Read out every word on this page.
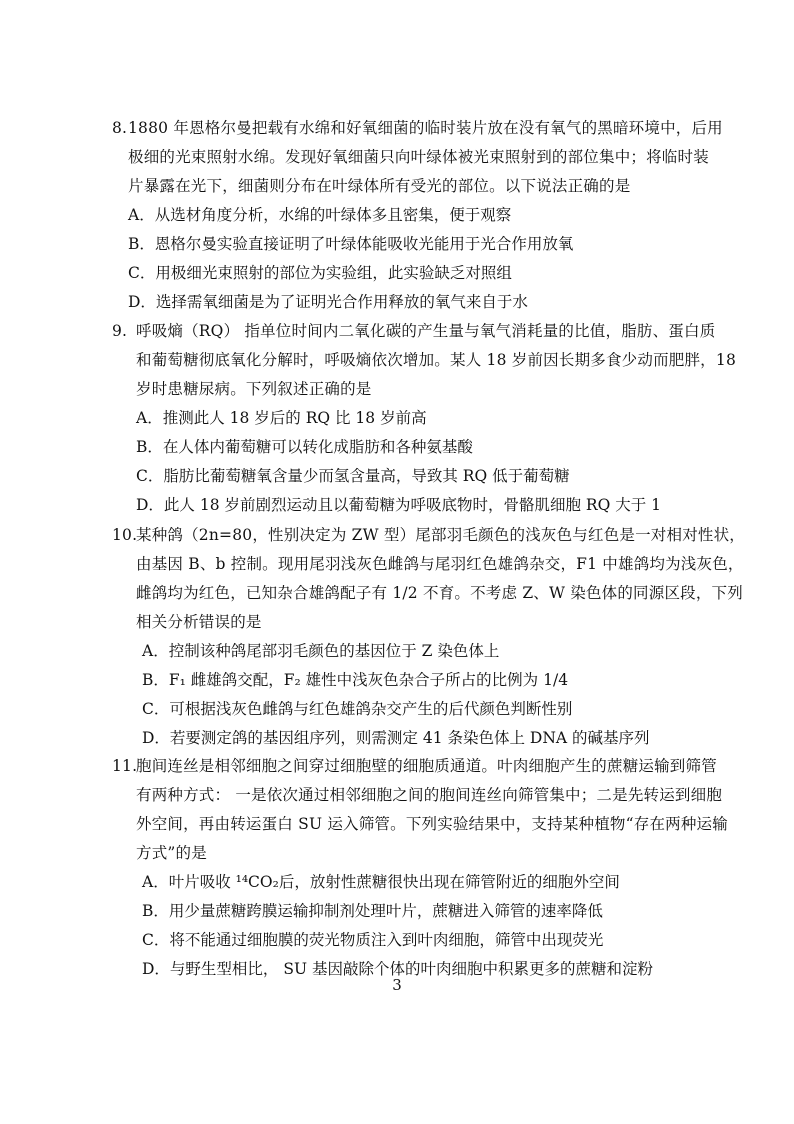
8. 1880 年恩格尔曼把载有水绵和好氧细菌的临时装片放在没有氧气的黑暗环境中，后用
极细的光束照射水绵。发现好氧细菌只向叶绿体被光束照射到的部位集中；将临时装
片暴露在光下，细菌则分布在叶绿体所有受光的部位。以下说法正确的是
A．从选材角度分析，水绵的叶绿体多且密集，便于观察
B．恩格尔曼实验直接证明了叶绿体能吸收光能用于光合作用放氧
C．用极细光束照射的部位为实验组，此实验缺乏对照组
D．选择需氧细菌是为了证明光合作用释放的氧气来自于水
9. 呼吸熵（RQ） 指单位时间内二氧化碳的产生量与氧气消耗量的比值，脂肪、蛋白质
和葡萄糖彻底氧化分解时，呼吸熵依次增加。某人 18 岁前因长期多食少动而肥胖，18
岁时患糖尿病。下列叙述正确的是
A．推测此人 18 岁后的 RQ 比 18 岁前高
B．在人体内葡萄糖可以转化成脂肪和各种氨基酸
C．脂肪比葡萄糖氧含量少而氢含量高，导致其 RQ 低于葡萄糖
D．此人 18 岁前剧烈运动且以葡萄糖为呼吸底物时，骨骼肌细胞 RQ 大于 1
10.
某种鸽（2n=80，性别决定为 ZW 型）尾部羽毛颜色的浅灰色与红色是一对相对性状，
由基因 B、b 控制。现用尾羽浅灰色雌鸽与尾羽红色雄鸽杂交，F1 中雄鸽均为浅灰色，
雌鸽均为红色，已知杂合雄鸽配子有 1/2 不育。不考虑 Z、W 染色体的同源区段，下列
相关分析错误的是
A．控制该种鸽尾部羽毛颜色的基因位于 Z 染色体上
B．F₁ 雌雄鸽交配，F₂ 雄性中浅灰色杂合子所占的比例为 1/4
C．可根据浅灰色雌鸽与红色雄鸽杂交产生的后代颜色判断性别
D．若要测定鸽的基因组序列，则需测定 41 条染色体上 DNA 的碱基序列
11.
胞间连丝是相邻细胞之间穿过细胞壁的细胞质通道。叶肉细胞产生的蔗糖运输到筛管
有两种方式： 一是依次通过相邻细胞之间的胞间连丝向筛管集中；二是先转运到细胞
外空间，再由转运蛋白 SU 运入筛管。下列实验结果中，支持某种植物“存在两种运输
方式”的是
A．叶片吸收 ¹⁴CO₂后，放射性蔗糖很快出现在筛管附近的细胞外空间
B．用少量蔗糖跨膜运输抑制剂处理叶片，蔗糖进入筛管的速率降低
C．将不能通过细胞膜的荧光物质注入到叶肉细胞，筛管中出现荧光
D．与野生型相比， SU 基因敲除个体的叶肉细胞中积累更多的蔗糖和淀粉
3
